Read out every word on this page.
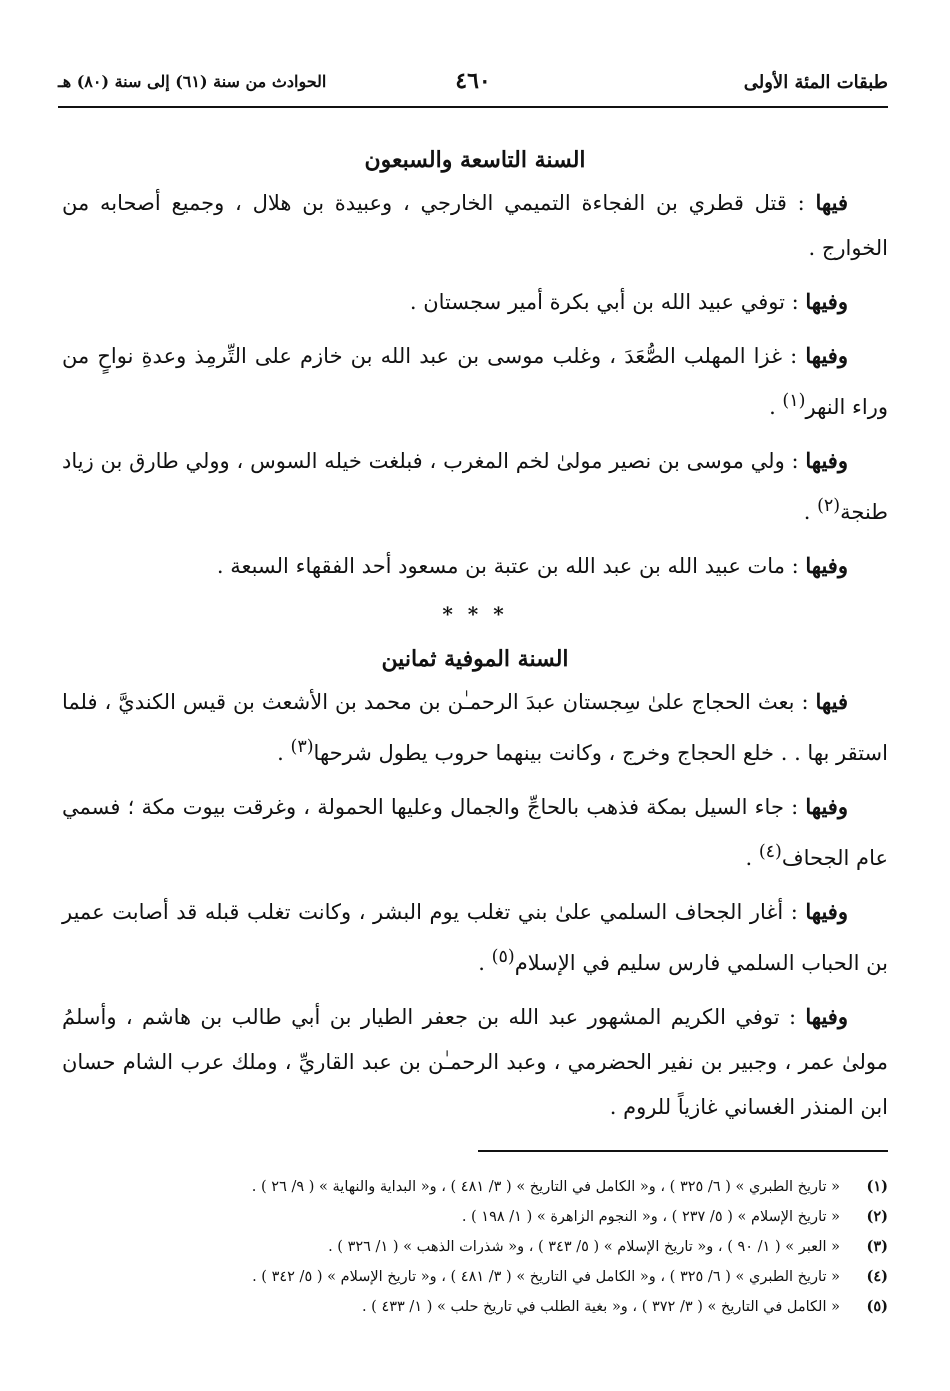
طبقات المئة الأولى
٤٦٠
الحوادث من سنة (٦١) إلى سنة (٨٠) هـ
السنة التاسعة والسبعون

فيها : قتل قطري بن الفجاءة التميمي الخارجي ، وعبيدة بن هلال ، وجميع أصحابه من الخوارج .

وفيها : توفي عبيد الله بن أبي بكرة أمير سجستان .

وفيها : غزا المهلب الصُّعَدَ ، وغلب موسى بن عبد الله بن خازم على التِّرمِذ وعدةِ نواحٍ من وراء النهر$^{(١)}$ .

وفيها : ولي موسى بن نصير مولىٰ لخم المغرب ، فبلغت خيله السوس ، وولي طارق بن زياد طنجة$^{(٢)}$ .

وفيها : مات عبيد الله بن عبد الله بن عتبة بن مسعود أحد الفقهاء السبعة .

* * *
السنة الموفية ثمانين

فيها : بعث الحجاج علىٰ سِجستان عبدَ الرحمـٰن بن محمد بن الأشعث بن قيس الكنديَّ ، فلما استقر بها . . خلع الحجاج وخرج ، وكانت بينهما حروب يطول شرحها$^{(٣)}$ .

وفيها : جاء السيل بمكة فذهب بالحاجِّ والجمال وعليها الحمولة ، وغرقت بيوت مكة ؛ فسمي عام الجحاف$^{(٤)}$ .

وفيها : أغار الجحاف السلمي علىٰ بني تغلب يوم البشر ، وكانت تغلب قبله قد أصابت عمير بن الحباب السلمي فارس سليم في الإسلام$^{(٥)}$ .

وفيها : توفي الكريم المشهور عبد الله بن جعفر الطيار بن أبي طالب بن هاشم ، وأسلمُ مولىٰ عمر ، وجبير بن نفير الحضرمي ، وعبد الرحمـٰن بن عبد القاريِّ ، وملك عرب الشام حسان ابن المنذر الغساني غازياً للروم .

(١)« تاريخ الطبري » ( ٦/ ٣٢٥ ) ، و« الكامل في التاريخ » ( ٣/ ٤٨١ ) ، و« البداية والنهاية » ( ٩/ ٢٦ ) .
(٢)« تاريخ الإسلام » ( ٥/ ٢٣٧ ) ، و« النجوم الزاهرة » ( ١/ ١٩٨ ) .
(٣)« العبر » ( ١/ ٩٠ ) ، و« تاريخ الإسلام » ( ٥/ ٣٤٣ ) ، و« شذرات الذهب » ( ١/ ٣٢٦ ) .
(٤)« تاريخ الطبري » ( ٦/ ٣٢٥ ) ، و« الكامل في التاريخ » ( ٣/ ٤٨١ ) ، و« تاريخ الإسلام » ( ٥/ ٣٤٢ ) .
(٥)« الكامل في التاريخ » ( ٣/ ٣٧٢ ) ، و« بغية الطلب في تاريخ حلب » ( ١/ ٤٣٣ ) .
